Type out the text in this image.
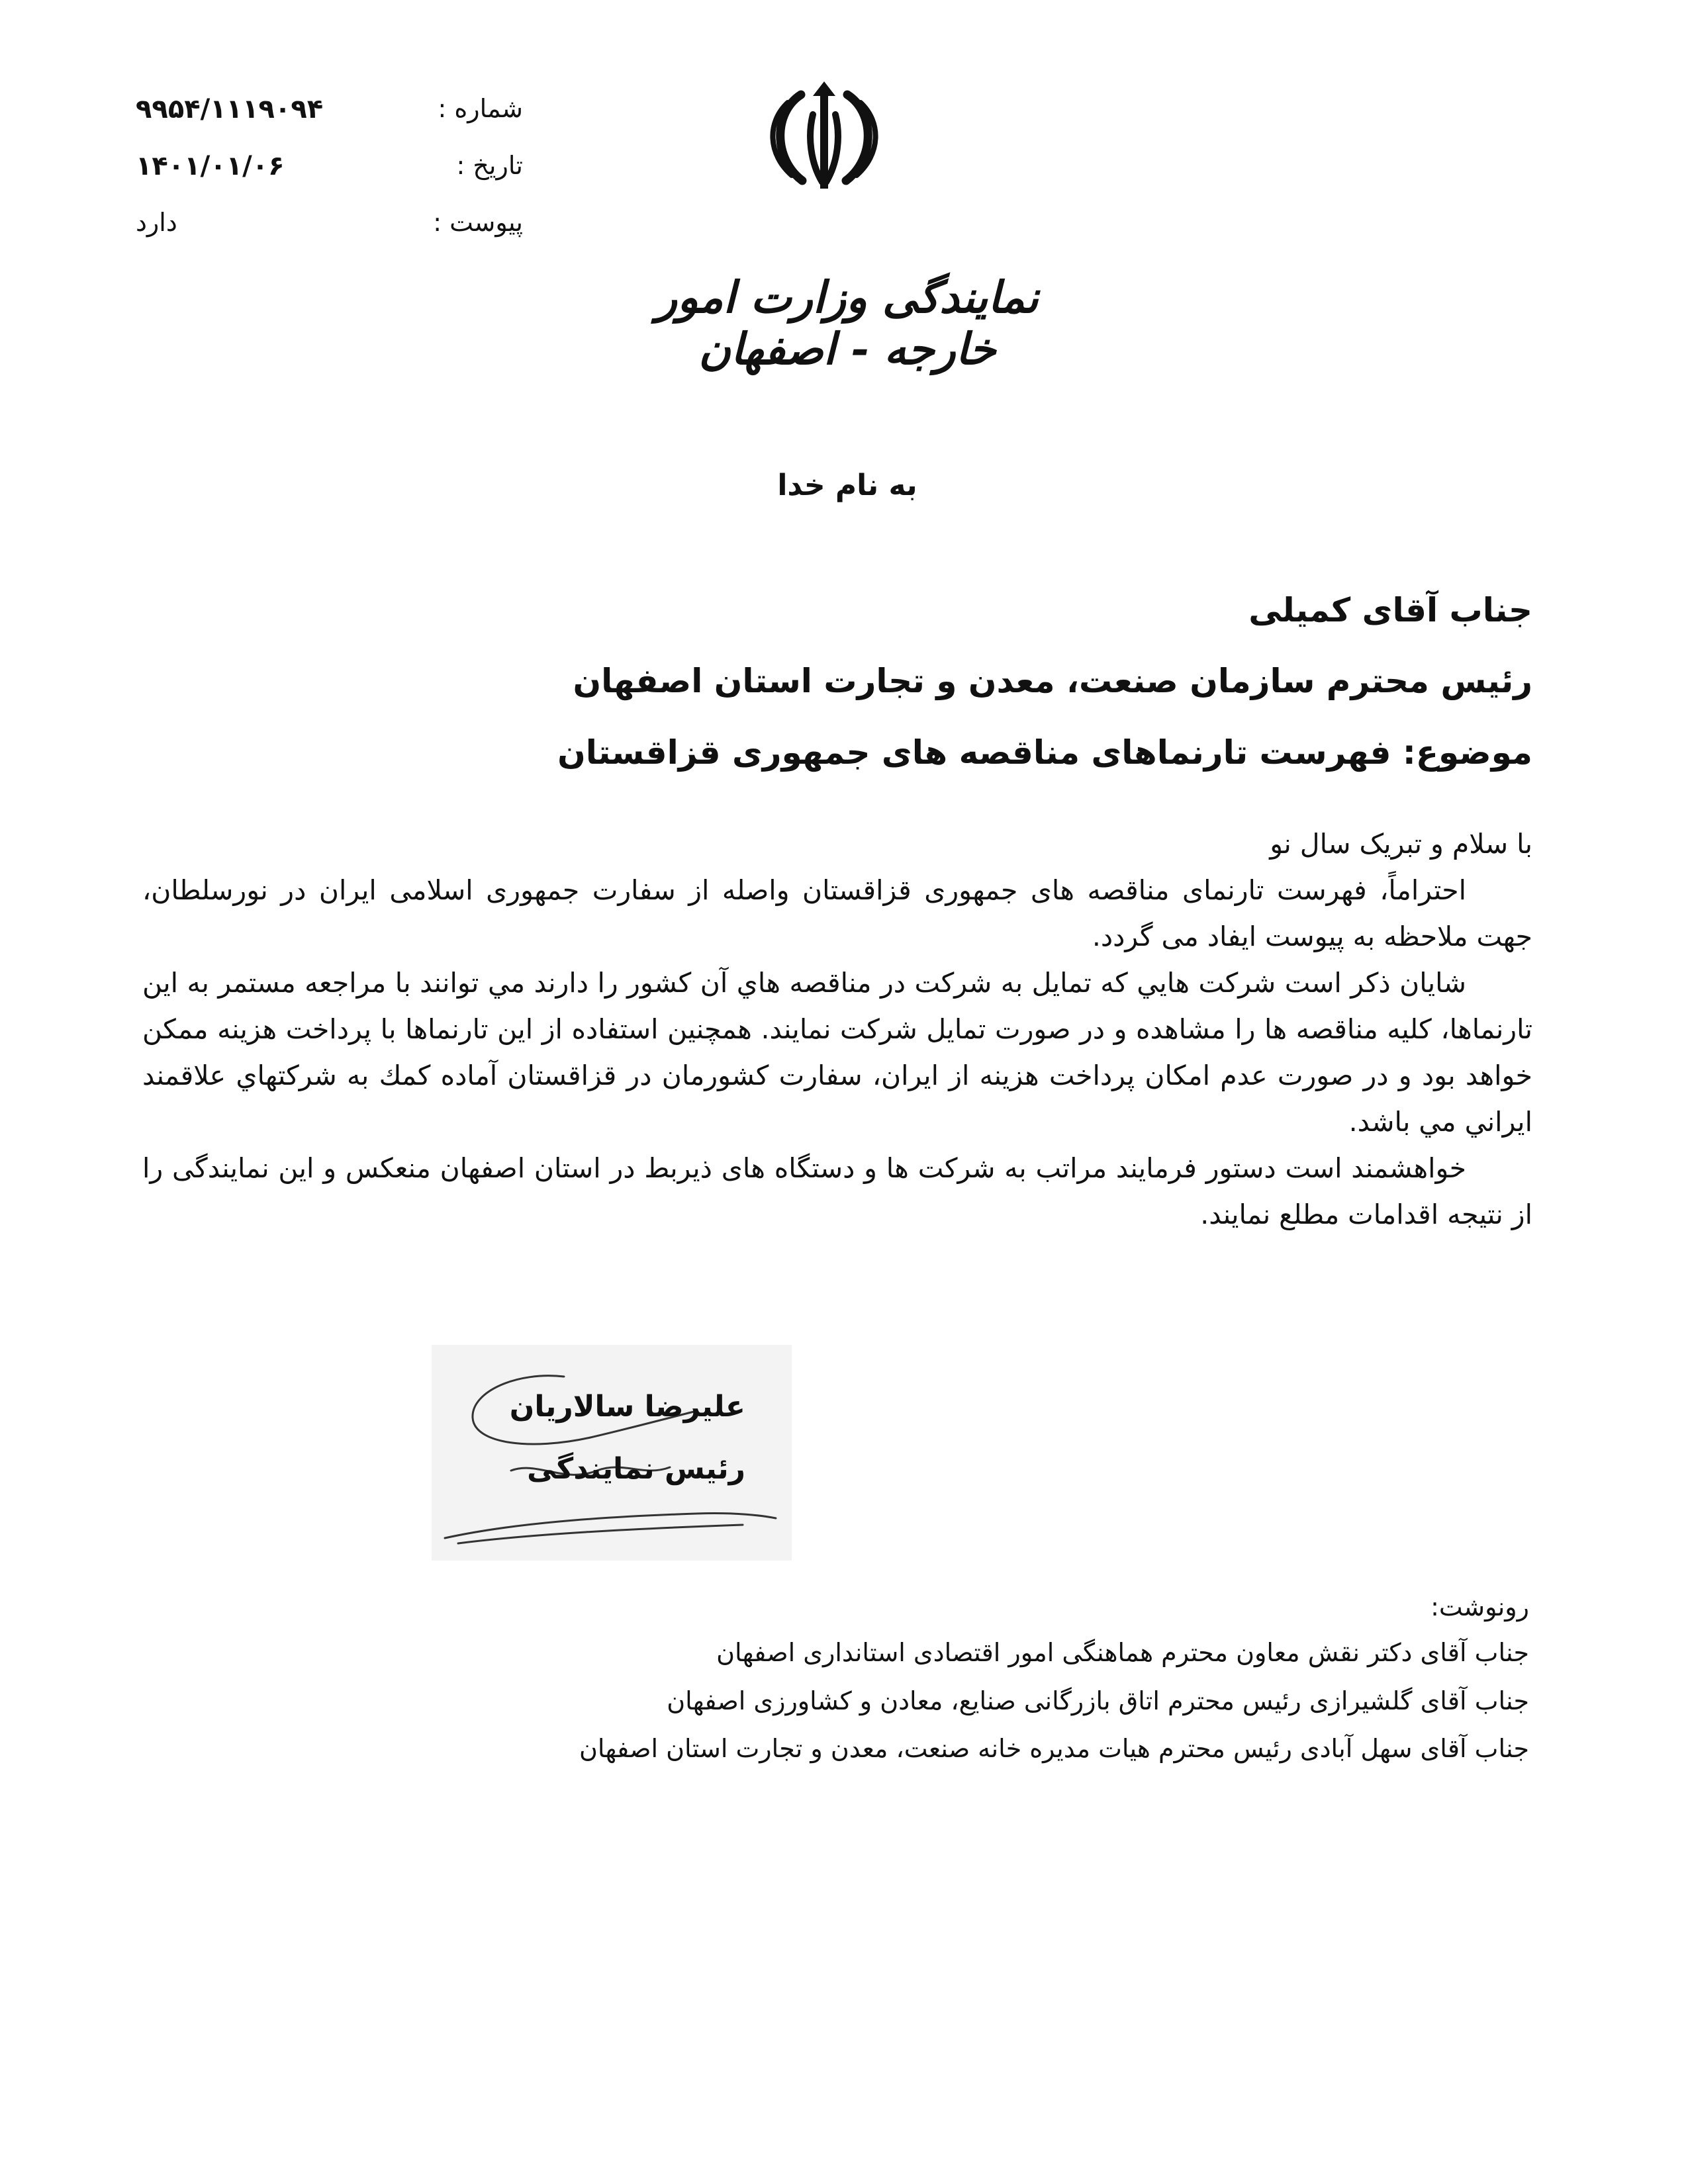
شماره :
۹۹۵۴/۱۱۱۹۰۹۴
تاریخ :
۱۴۰۱/۰۱/۰۶
پیوست :
دارد
نمایندگی وزارت امور خارجه - اصفهان
به نام خدا
جناب آقای کمیلی
رئیس محترم سازمان صنعت، معدن و تجارت استان اصفهان
موضوع: فهرست تارنماهای مناقصه های جمهوری قزاقستان

با سلام و تبریک سال نو

احتراماً، فهرست تارنمای مناقصه های جمهوری قزاقستان واصله از سفارت جمهوری اسلامی ایران در نورسلطان، جهت ملاحظه به پیوست ایفاد می گردد.

شايان ذكر است شركت هايي كه تمايل به شركت در مناقصه هاي آن كشور را دارند مي توانند با مراجعه مستمر به این تارنماها، کلیه مناقصه ها را مشاهده و در صورت تمایل شرکت نمایند. همچنین استفاده از این تارنماها با پرداخت هزینه ممکن خواهد بود و در صورت عدم امکان پرداخت هزینه از ایران، سفارت کشورمان در قزاقستان آماده كمك به شركتهاي علاقمند ايراني مي باشد.

خواهشمند است دستور فرمایند مراتب به شرکت ها و دستگاه های ذیربط در استان اصفهان منعکس و این نمایندگی را از نتیجه اقدامات مطلع نمایند.

علیرضا سالاریان
رئیس نمایندگی
رونوشت:
جناب آقای دکتر نقش معاون محترم هماهنگی امور اقتصادی استانداری اصفهان
جناب آقای گلشیرازی رئیس محترم اتاق بازرگانی صنایع، معادن و کشاورزی اصفهان
جناب آقای سهل آبادی رئیس محترم هیات مدیره خانه صنعت، معدن و تجارت استان اصفهان
